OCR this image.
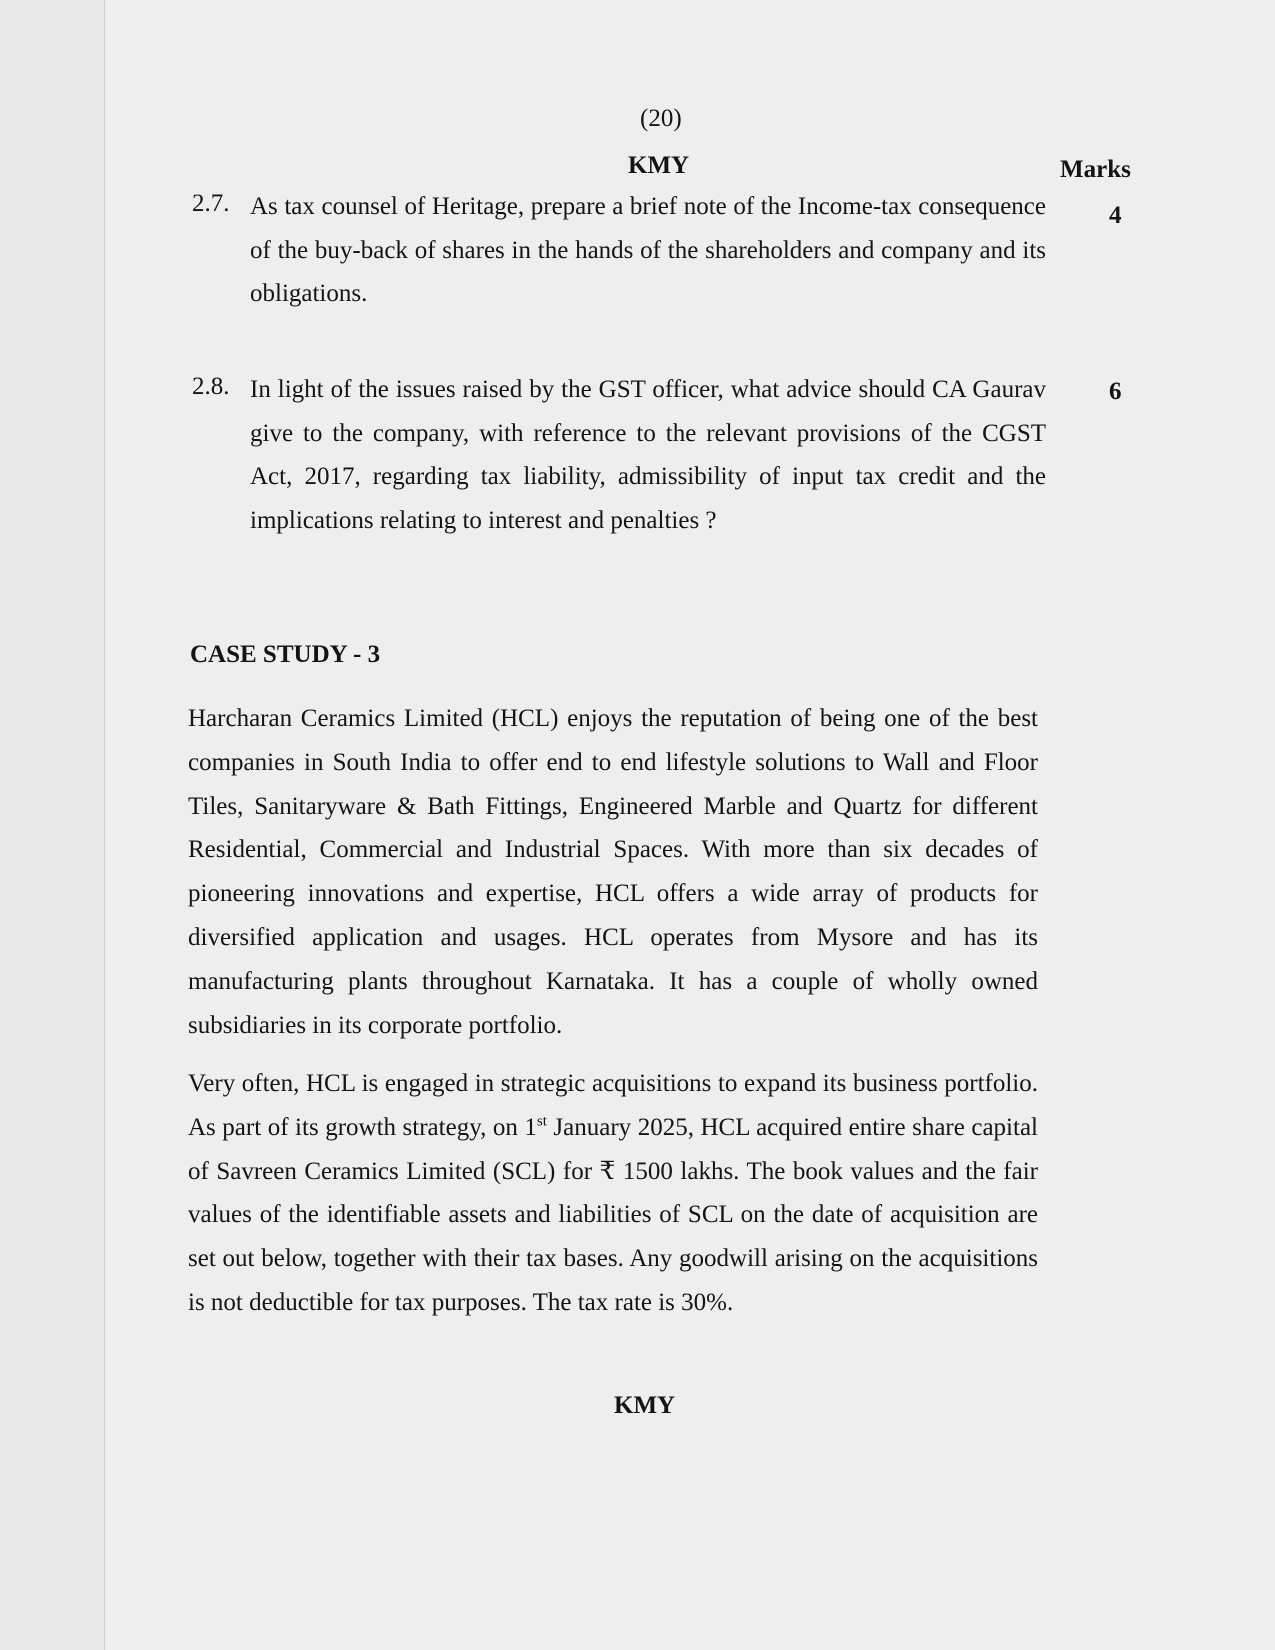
(20)
KMY	Marks
2.7. As tax counsel of Heritage, prepare a brief note of the Income-tax consequence of the buy-back of shares in the hands of the shareholders and company and its obligations.
4
2.8. In light of the issues raised by the GST officer, what advice should CA Gaurav give to the company, with reference to the relevant provisions of the CGST Act, 2017, regarding tax liability, admissibility of input tax credit and the implications relating to interest and penalties ?
6
CASE STUDY - 3

Harcharan Ceramics Limited (HCL) enjoys the reputation of being one of the best companies in South India to offer end to end lifestyle solutions to Wall and Floor Tiles, Sanitaryware & Bath Fittings, Engineered Marble and Quartz for different Residential, Commercial and Industrial Spaces. With more than six decades of pioneering innovations and expertise, HCL offers a wide array of products for diversified application and usages. HCL operates from Mysore and has its manufacturing plants throughout Karnataka. It has a couple of wholly owned subsidiaries in its corporate portfolio.

Very often, HCL is engaged in strategic acquisitions to expand its business portfolio. As part of its growth strategy, on 1st January 2025, HCL acquired entire share capital of Savreen Ceramics Limited (SCL) for ₹ 1500 lakhs. The book values and the fair values of the identifiable assets and liabilities of SCL on the date of acquisition are set out below, together with their tax bases. Any goodwill arising on the acquisitions is not deductible for tax purposes. The tax rate is 30%.

KMY
